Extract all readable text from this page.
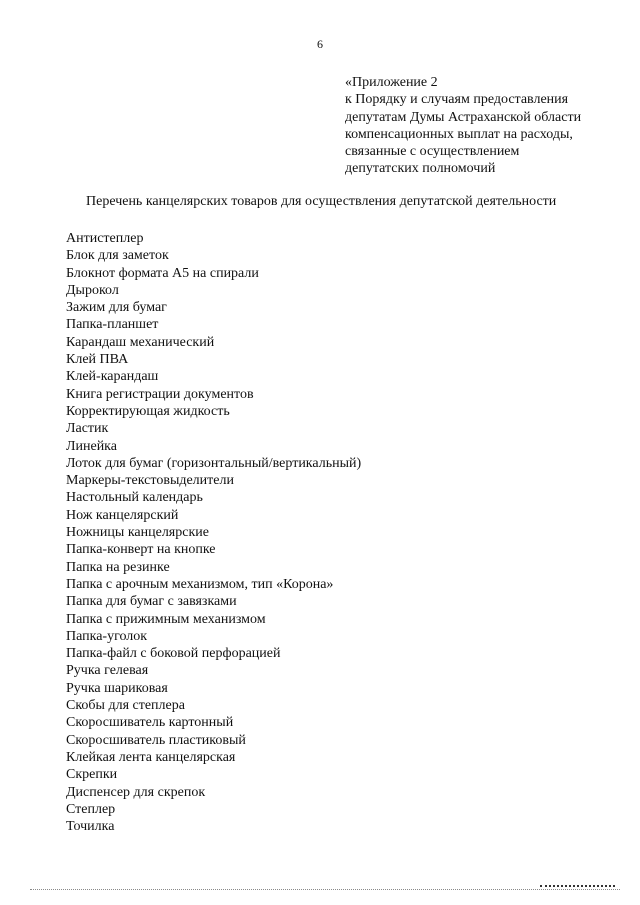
6
«Приложение 2
к Порядку и случаям предоставления
депутатам Думы Астраханской области
компенсационных выплат на расходы,
связанные с осуществлением
депутатских полномочий
Перечень канцелярских товаров для осуществления депутатской деятельности
Антистеплер
Блок для заметок
Блокнот формата А5 на спирали
Дырокол
Зажим для бумаг
Папка-планшет
Карандаш механический
Клей ПВА
Клей-карандаш
Книга регистрации документов
Корректирующая жидкость
Ластик
Линейка
Лоток для бумаг (горизонтальный/вертикальный)
Маркеры-текстовыделители
Настольный календарь
Нож канцелярский
Ножницы канцелярские
Папка-конверт на кнопке
Папка на резинке
Папка с арочным механизмом, тип «Корона»
Папка для бумаг с завязками
Папка с прижимным механизмом
Папка-уголок
Папка-файл с боковой перфорацией
Ручка гелевая
Ручка шариковая
Скобы для степлера
Скоросшиватель картонный
Скоросшиватель пластиковый
Клейкая лента канцелярская
Скрепки
Диспенсер для скрепок
Степлер
Точилка
